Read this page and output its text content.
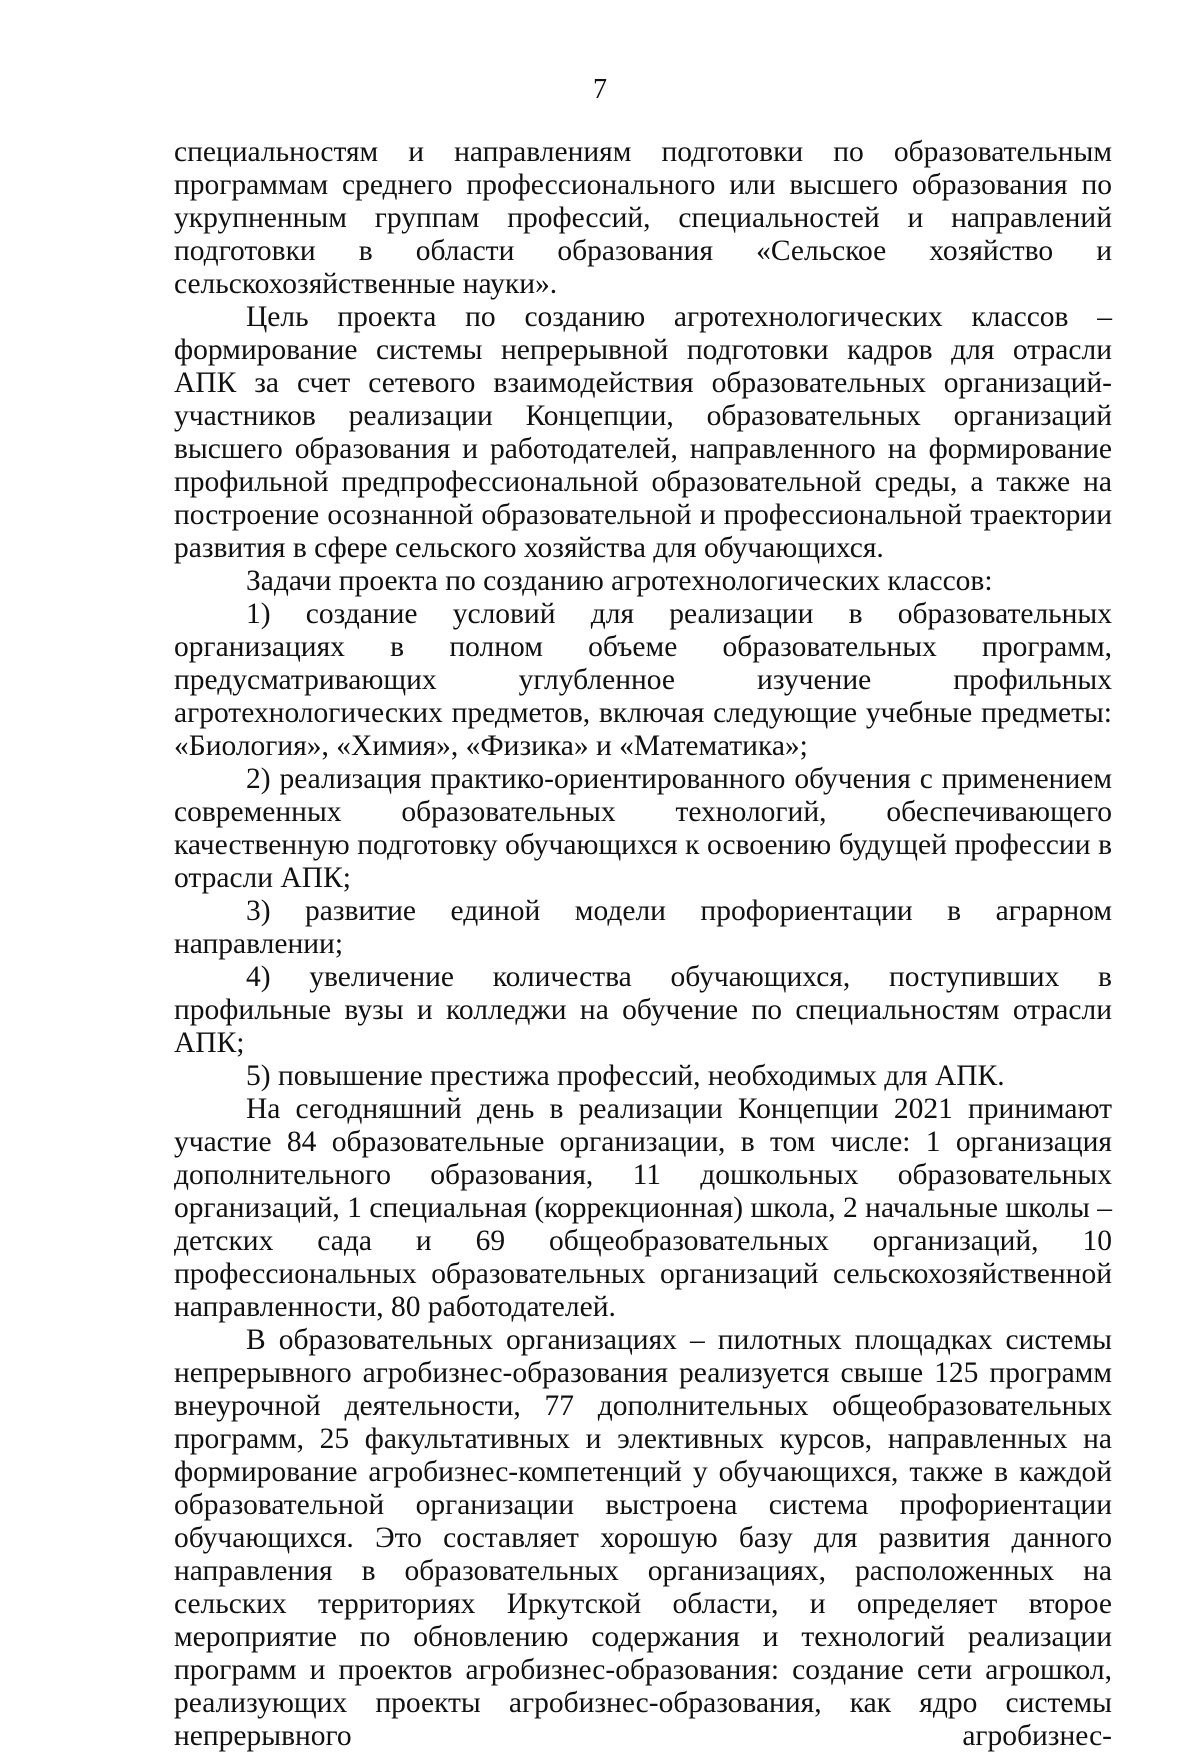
7

специальностям и направлениям подготовки по образовательным программам среднего профессионального или высшего образования по укрупненным группам профессий, специальностей и направлений подготовки в области образования «Сельское хозяйство и сельскохозяйственные науки».

Цель проекта по созданию агротехнологических классов – формирование системы непрерывной подготовки кадров для отрасли АПК за счет сетевого взаимодействия образовательных организаций-участников реализации Концепции, образовательных организаций высшего образования и работодателей, направленного на формирование профильной предпрофессиональной образовательной среды, а также на построение осознанной образовательной и профессиональной траектории развития в сфере сельского хозяйства для обучающихся.

Задачи проекта по созданию агротехнологических классов:

1) создание условий для реализации в образовательных организациях в полном объеме образовательных программ, предусматривающих углубленное изучение профильных агротехнологических предметов, включая следующие учебные предметы: «Биология», «Химия», «Физика» и «Математика»;

2) реализация практико-ориентированного обучения с применением современных образовательных технологий, обеспечивающего качественную подготовку обучающихся к освоению будущей профессии в отрасли АПК;

3) развитие единой модели профориентации в аграрном направлении;

4) увеличение количества обучающихся, поступивших в профильные вузы и колледжи на обучение по специальностям отрасли АПК;

5) повышение престижа профессий, необходимых для АПК.

На сегодняшний день в реализации Концепции 2021 принимают участие 84 образовательные организации, в том числе: 1 организация дополнительного образования, 11 дошкольных образовательных организаций, 1 специальная (коррекционная) школа, 2 начальные школы – детских сада и 69 общеобразовательных организаций, 10 профессиональных образовательных организаций сельскохозяйственной направленности, 80 работодателей.

В образовательных организациях – пилотных площадках системы непрерывного агробизнес-образования реализуется свыше 125 программ внеурочной деятельности, 77 дополнительных общеобразовательных программ, 25 факультативных и элективных курсов, направленных на формирование агробизнес-компетенций у обучающихся, также в каждой образовательной организации выстроена система профориентации обучающихся. Это составляет хорошую базу для развития данного направления в образовательных организациях, расположенных на сельских территориях Иркутской области, и определяет второе мероприятие по обновлению содержания и технологий реализации программ и проектов агробизнес-образования: создание сети агрошкол, реализующих проекты агробизнес-образования, как ядро системы непрерывного агробизнес-
